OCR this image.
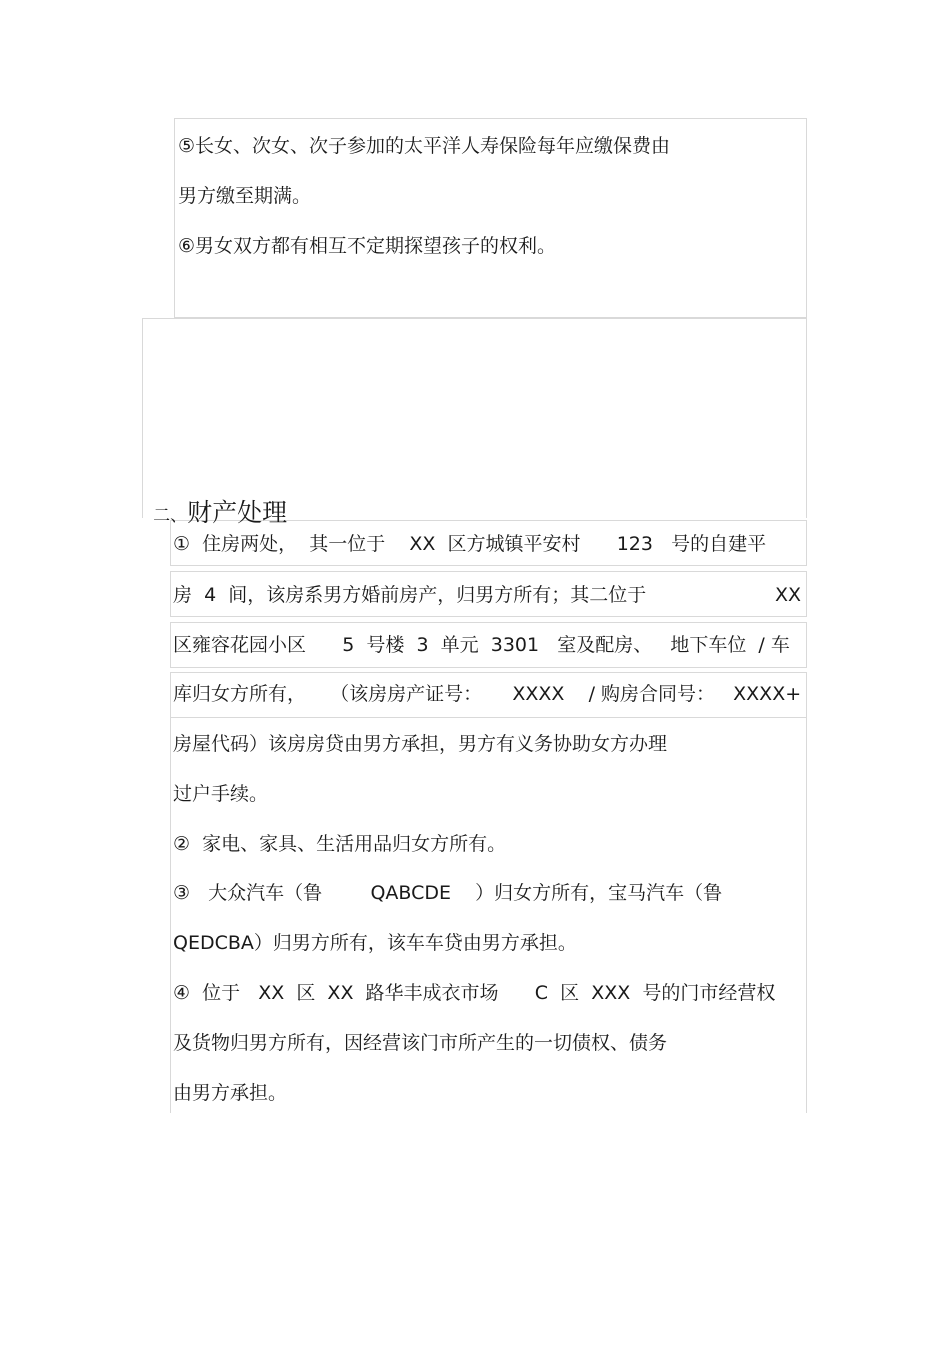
⑤长女、次女、次子参加的太平洋人寿保险每年应缴保费由
男方缴至期满。
⑥男女双方都有相互不定期探望孩子的权利。

二、财产处理

①  住房两处，  其一位于    XX  区方城镇平安村      123   号的自建平
房  4  间，该房系男方婚前房产，归男方所有；其二位于	XX
区雍容花园小区      5  号楼  3  单元  3301   室及配房、   地下车位  / 车
库归女方所有，    （该房房产证号：     XXXX    / 购房合同号：   XXXX+
房屋代码）该房房贷由男方承担，男方有义务协助女方办理
过户手续。
②  家电、家具、生活用品归女方所有。
③   大众汽车（鲁        QABCDE    ）归女方所有，宝马汽车（鲁
QEDCBA）归男方所有，该车车贷由男方承担。
④  位于   XX  区  XX  路华丰成衣市场      C  区  XXX  号的门市经营权
及货物归男方所有，因经营该门市所产生的一切债权、债务
由男方承担。
